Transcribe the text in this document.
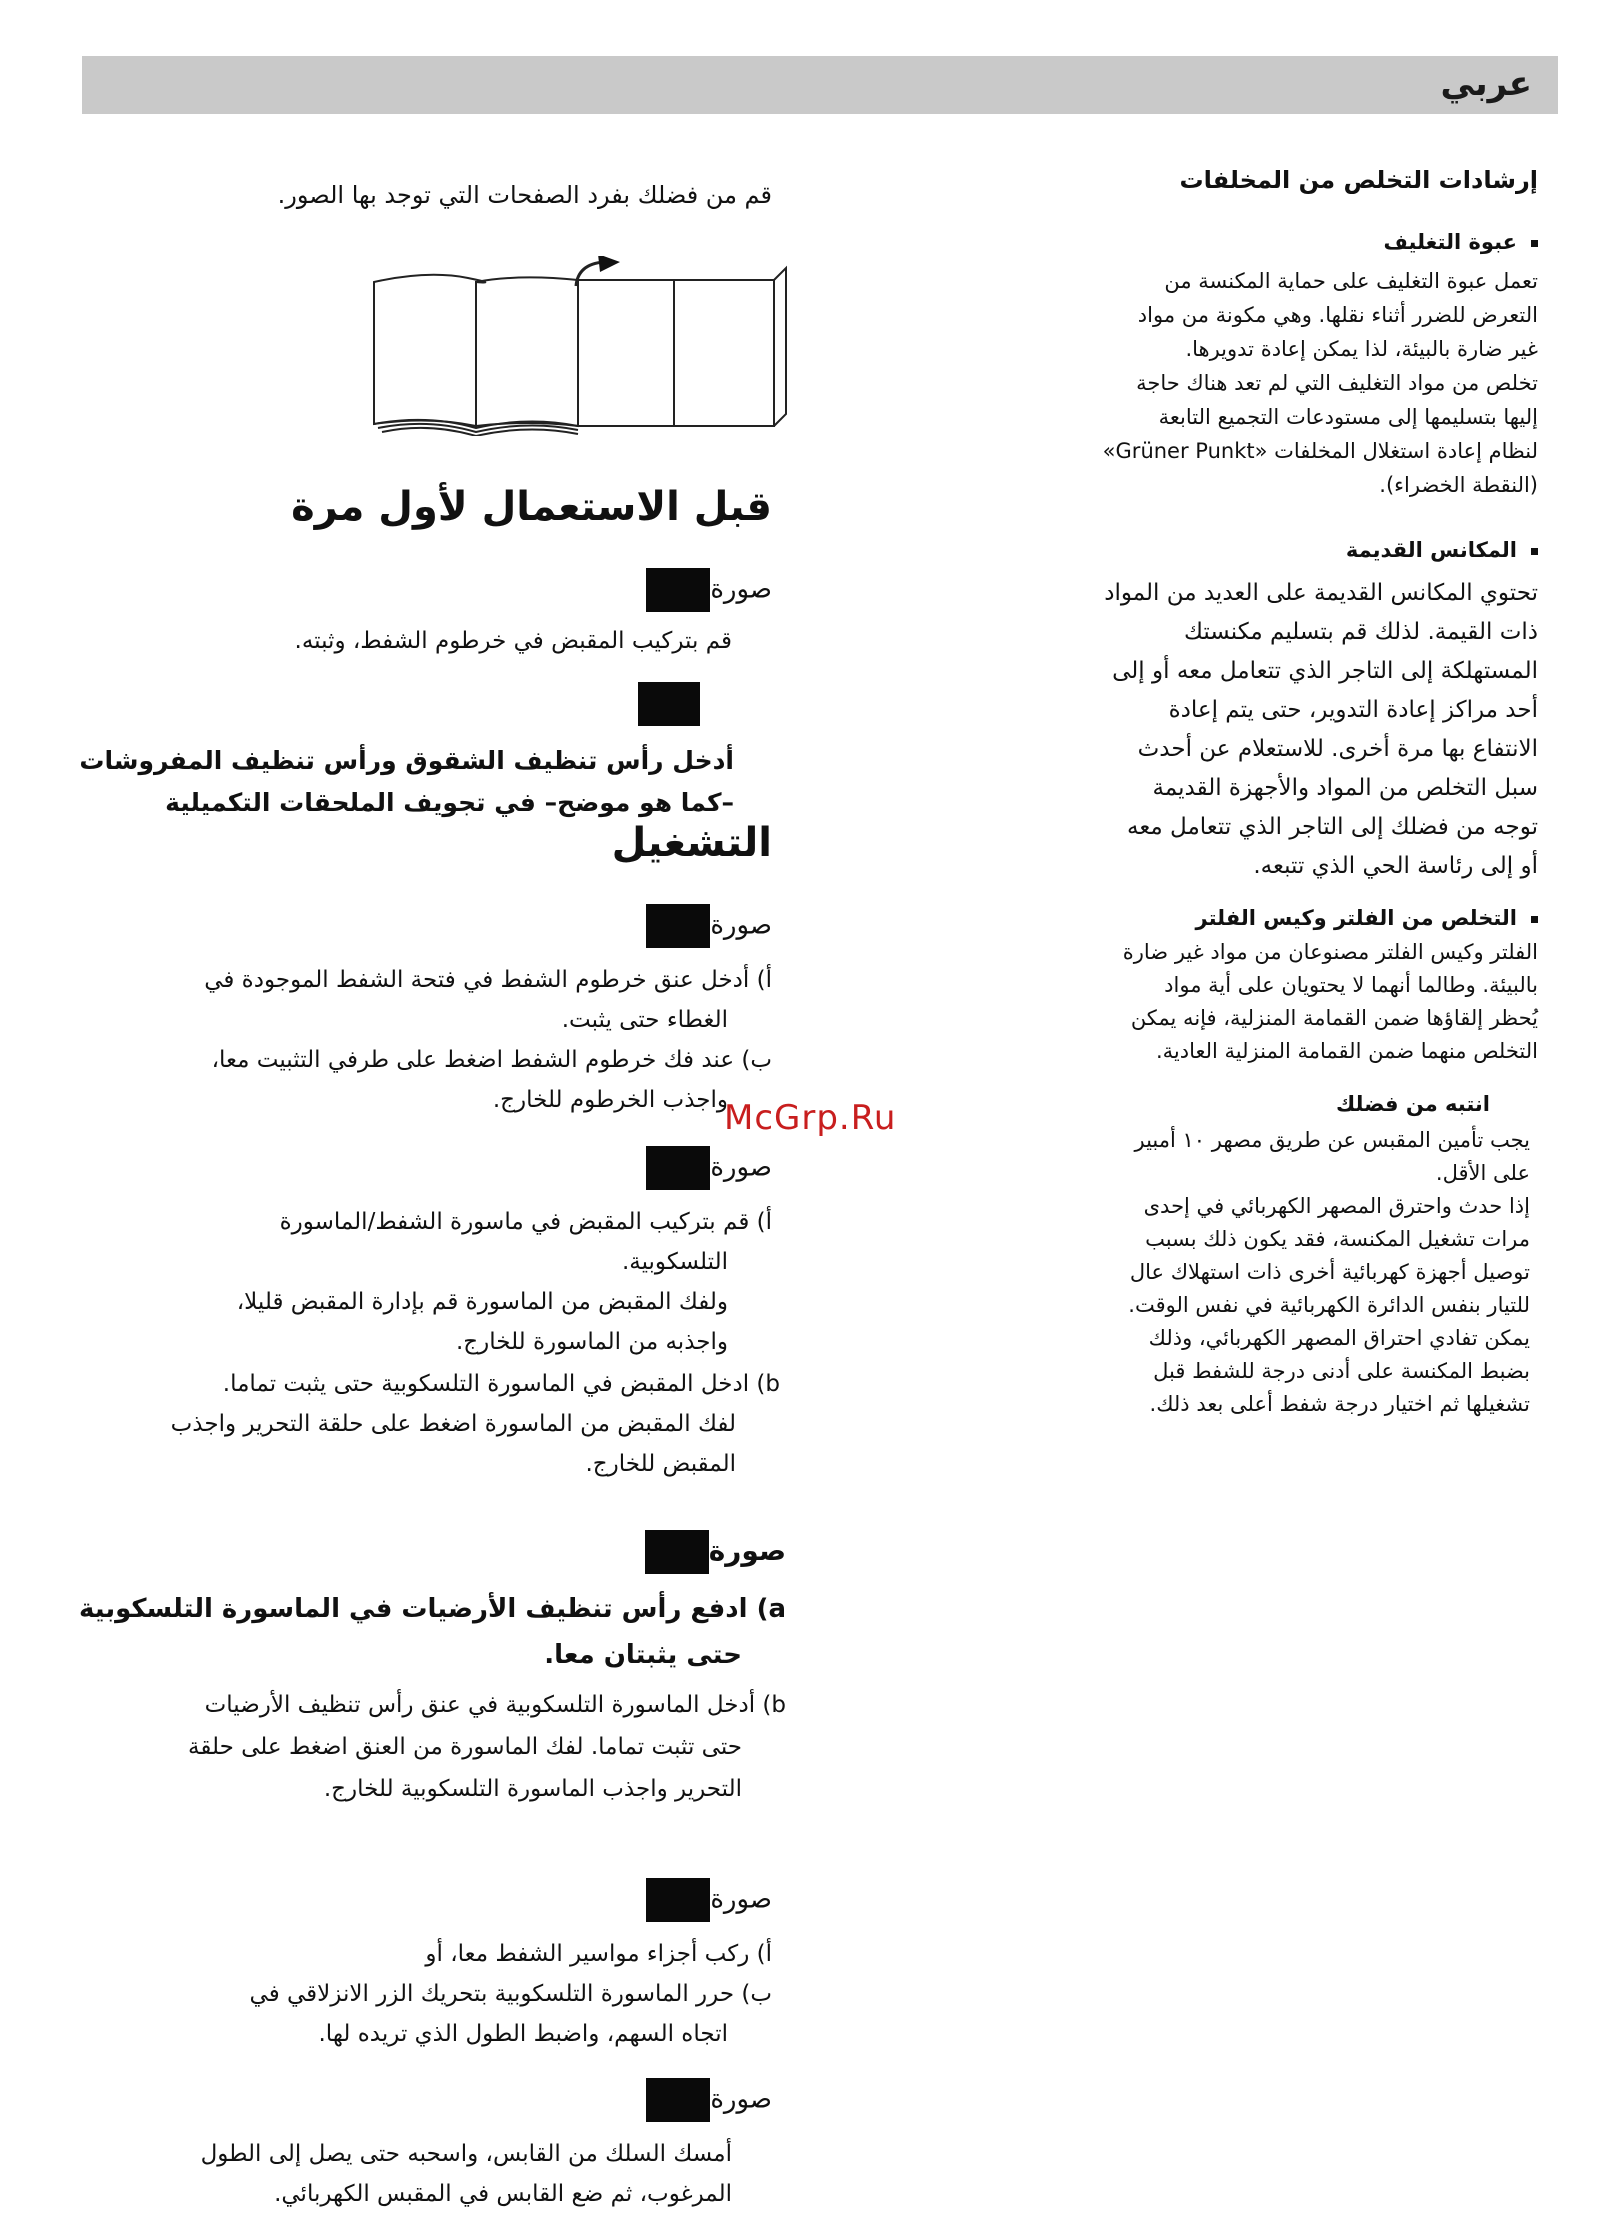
عربي
إرشادات التخلص من المخلفات
عبوة التغليف

تعمل عبوة التغليف على حماية المكنسة من

التعرض للضرر أثناء نقلها. وهي مكونة من مواد

غير ضارة بالبيئة، لذا يمكن إعادة تدويرها.

تخلص من مواد التغليف التي لم تعد هناك حاجة

إليها بتسليمها إلى مستودعات التجميع التابعة

لنظام إعادة استغلال المخلفات «Grüner Punkt»

(النقطة الخضراء).

المكانس القديمة

تحتوي المكانس القديمة على العديد من المواد

ذات القيمة. لذلك قم بتسليم مكنستك

المستهلكة إلى التاجر الذي تتعامل معه أو إلى

أحد مراكز إعادة التدوير، حتى يتم إعادة

الانتفاع بها مرة أخرى. للاستعلام عن أحدث

سبل التخلص من المواد والأجهزة القديمة

توجه من فضلك إلى التاجر الذي تتعامل معه

أو إلى رئاسة الحي الذي تتبعه.

التخلص من الفلتر وكيس الفلتر

الفلتر وكيس الفلتر مصنوعان من مواد غير ضارة

بالبيئة. وطالما أنهما لا يحتويان على أية مواد

يُحظر إلقاؤها ضمن القمامة المنزلية، فإنه يمكن

التخلص منهما ضمن القمامة المنزلية العادية.

انتبه من فضلك

يجب تأمين المقبس عن طريق مصهر ١٠ أمبير

على الأقل.

إذا حدث واحترق المصهر الكهربائي في إحدى

مرات تشغيل المكنسة، فقد يكون ذلك بسبب

توصيل أجهزة كهربائية أخرى ذات استهلاك عال

للتيار بنفس الدائرة الكهربائية في نفس الوقت.

يمكن تفادي احتراق المصهر الكهربائي، وذلك

بضبط المكنسة على أدنى درجة للشفط قبل

تشغيلها ثم اختيار درجة شفط أعلى بعد ذلك.

قم من فضلك بفرد الصفحات التي توجد بها الصور.
قبل الاستعمال لأول مرة
صورة
قم بتركيب المقبض في خرطوم الشفط، وثبته.

أدخل رأس تنظيف الشقوق ورأس تنظيف المفروشات

–كما هو موضح– في تجويف الملحقات التكميلية

التشغيل
صورة

أ) أدخل عنق خرطوم الشفط في فتحة الشفط الموجودة في

الغطاء حتى يثبت.

ب) عند فك خرطوم الشفط اضغط على طرفي التثبيت معا،

واجذب الخرطوم للخارج.

صورة

أ) قم بتركيب المقبض في ماسورة الشفط/الماسورة

التلسكوبية.

ولفك المقبض من الماسورة قم بإدارة المقبض قليلا،

واجذبه من الماسورة للخارج.

b) ادخل المقبض في الماسورة التلسكوبية حتى يثبت تماما.

لفك المقبض من الماسورة اضغط على حلقة التحرير واجذب

المقبض للخارج.

صورة

a) ادفع رأس تنظيف الأرضيات في الماسورة التلسكوبية

حتى يثبتان معا.

b) أدخل الماسورة التلسكوبية في عنق رأس تنظيف الأرضيات

حتى تثبت تماما. لفك الماسورة من العنق اضغط على حلقة

التحرير واجذب الماسورة التلسكوبية للخارج.

صورة

أ) ركب أجزاء مواسير الشفط معا، أو

ب) حرر الماسورة التلسكوبية بتحريك الزر الانزلاقي في

اتجاه السهم، واضبط الطول الذي تريده لها.

صورة

أمسك السلك من القابس، واسحبه حتى يصل إلى الطول

المرغوب، ثم ضع القابس في المقبس الكهربائي.

McGrp.Ru
